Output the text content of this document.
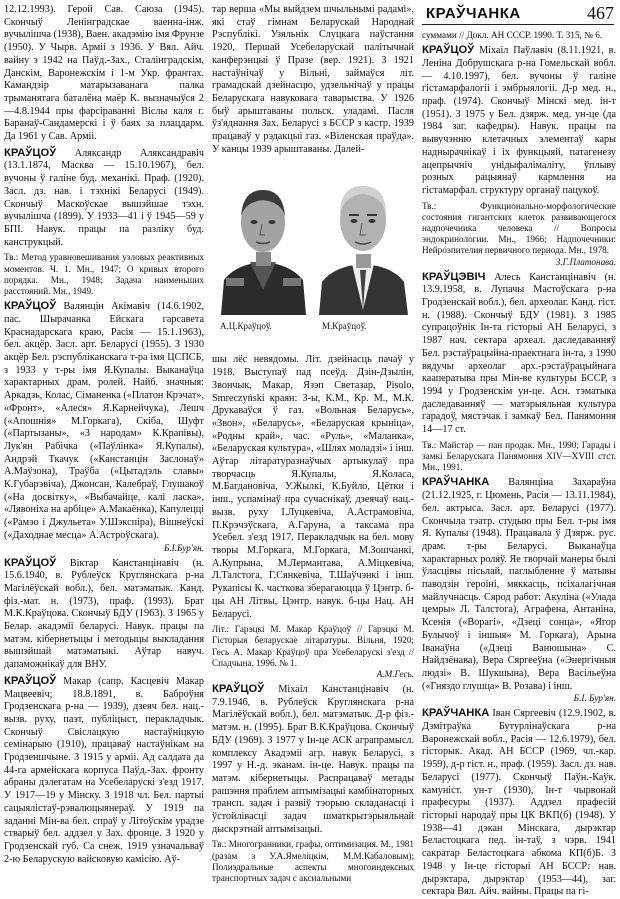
КРАЎЧАНКА	467

12.12.1993). Герой Сав. Саюза (1945). Скончыў Ленінградскае ваенна-інж. вучылішча (1938), Ваен. акадэмію імя Фрунзе (1950). У Чырв. Арміі з 1936. У Вял. Айч. вайну з 1942 на Паўд.-Зах., Сталінградскім, Данскім, Варонежскім і 1-м Укр. франтах. Камандзір матарызаванага палка трыманятага баталёна маёр К. вызначыўся 2—4.8.1944 пры фарсіраванні Віслы каля г. Баранаў-Сандамерскі і ў баях за плацдарм. Да 1961 у Сав. Арміі.

КРАЎЦОЎ Аляксандр Аляксандравіч (13.1.1874, Масква — 15.10.1967), бел. вучоны ў галіне буд. механікі. Праф. (1920). Засл. дз. нав. і тэхнікі Беларусі (1949). Скончыў Маскоўскае вышэйшае тэхн. вучылішча (1899). У 1933—41 і ў 1945—59 у БПІ. Навук. працы па разліку буд. канструкцый.

Тв.: Метод уравновешивания узловых реактивных моментов. Ч. 1. Мн., 1947; О кривых второго порядка. Мн., 1948; Задача наименьших расстояний. Мн., 1949.

КРАЎЦОЎ Валянцін Акімавіч (14.6.1902, пас. Шырачанка Ейскага гарсавета Краснадарскага краю, Расія — 15.1.1963), бел. акцёр. Засл. арт. Беларусі (1955). З 1930 акцёр Бел. рэспубліканскага т-ра імя ЦСПСБ, з 1933 у т-ры імя Я.Купалы. Выканаўца характарных драм. ролей. Найб. значныя: Аркадзь, Колас, Сіманенка («Платон Крэчат», «Фронт», «Алеся» Я.Карнейчука), Лешч («Апошнія» М.Горкага), Скіба, Шуфт («Партызаны», «З народам» К.Крапівы), Лук'ян Рабічка («Паўлінка» Я.Купалы), Андрэй Ткачук («Канстанцін Заслонаў» А.Маўзона), Траўба («Цытадэль славы» К.Губарэвіча), Джонсан, Калебраў, Глушакоў («На досвітку», «Выбачайце, калі ласка», «Лявоніха на арбіце» А.Макаёнка), Капулецці («Рамэо і Джульета» У.Шэкспіра), Вішнеўскі («Даходнае месца» А.Астроўскага).
Б.І.Бур'ян.

КРАЎЦОЎ Віктар Канстанцінавіч (н. 15.6.1940, в. Рублеўск Круглянскага р-на Магілёўскай вобл.), бел. матэматык. Канд. фіз.-мат. н. (1973), праф. (1993). Брат М.К.Краўцова. Скончыў БДУ (1963). З 1965 у Белар. акадэміі беларусі. Навук. працы па матэм. кібернетыцы і методыцы выкладання вышэйшай матэматыкі. Аўтар навуч. дапаможнікаў для ВНУ.

КРАЎЦОЎ Макар (сапр. Касцевіч Макар Мацвеевіч; 18.8.1891, в. Баброўня Гродзенскага р-на — 1939), дзеяч бел. нац.-вызв. руху, паэт, публіцыст, перакладчык. Скончыў Свіслацкую настаўніцкую семінарыю (1910), працаваў настаўнікам на Гродзеншчыне. З 1915 у арміі. Ад салдата да 44-га армейскага корпуса Паўд.-Зах. фронту абраны дэлегатам на Усебеларускі з'езд 1917. У 1917—19 у Мінску. З 1918 чл. Бел. партыі сацыялістаў-рэвалюцыянераў. У 1919 па заданні Мін-ва бел. спраў у Літоўскім урадзе стварыў бел. аддзел у Зах. фронце. З 1920 у Гродзенскай губ. Са снеж. 1919 узначальваў 2-ю Беларускую вайсковую камісію. Аў-

тар верша «Мы выйдзем шчыльнымі радамі», які стаў гімнам Беларускай Народнай Рэспублікі. Узяльнік Слуцкага паўстання 1920, Першай Усебеларускай палітычнай канферэнцыі ў Празе (вер. 1921). З 1921 настаўнічаў у Вільні, займаўся літ. грамадскай дзейнасцю, удзельнічаў у працы Беларускага навуковага таварыства. У 1926 быў арыштаваны польск. уладамі. Пасля ўз'яднання Зах. Беларусі з БССР з кастр. 1939 працаваў у рэдакцыі газ. «Віленская праўда». У канцы 1939 арыштаваны. Далей-

А.Ц.Краўцоў.	М.Краўцоў.

шы лёс невядомы. Літ. дзейнасць пачаў у 1918. Выступаў пад псеўд. Дзін-Дзылін, Звончык, Макар, Язэп Светазар, Pisolo, Smreczyński краян: З-ы, К.М., Кр. М., М.К. Друкаваўся ў газ. «Вольная Беларусь», «Звон», «Беларусь», «Беларуская крыніца», «Родны край», час. «Руль», «Маланка», «Беларуская культура», «Шлях моладзі» і інш. Аўтар літаратуразнаўчых артыкулаў пра творчасць Я.Купалы, Я.Коласа, М.Багдановіча, У.Жылкі, К.Буйло, Цётки і інш., успамінаў пра сучаснікаў, дзеячаў нац.-вызв. руху І.Луцкевіча, А.Астрамовіча, П.Крэчэўскага, А.Гаруна, а таксама пра Усебел. з'езд 1917. Перакладчык на бел. мову творы М.Горкага, М.Горкага, М.Зошчанкі, А.Купрына, М.Лермантава, А.Міцкевіча, Л.Талстога, Г.Сянкевіча, Т.Шаўчэнкі і інш. Рукапісы К. часткова зберагаюцца ў Цэнтр. б-цы АН Літвы, Цэнтр. навук. б-цы Нац. АН Беларусі.

Літ.: Гарэцкі М. Макар Краўцоў // Гарэцкі М. Гісторыя беларускае літаратуры. Вільня, 1920; Гесь А. Макар Краўцоў пра Усебеларускі з'езд // Спадчына. 1996. № 1.
А.М.Гесь.

КРАЎЦОЎ Міхаіл Канстанцінавіч (н. 7.9.1946, в. Рублеўск Круглянскага р-на Магілёўскай вобл.), бел. матэматык. Д-р фіз.-матэм. н. (1995). Брат В.К.Краўцова. Скончыў БДУ (1969). З 1977 у Ін-це АСК аграпрамысл. комплексу Акадэміі агр. навук Беларусі, з 1997 у Н.-д. эканам. ін-це. Навук. працы па матэм. кібернетыцы. Распрацаваў метады рашэння праблем аптымізацыі камбінаторных трансп. задач і развіў тэорыю складанасці і ўстойлівасці задач шматкрытэрыяльнай дыскрэтнай аптымізацыі.

Тв.: Многогранники, графы, оптимизация. М., 1981 (разам з У.А.Ямеліцкім, М.М.Кабаловым); Полиэдральные аспекты многоиндексных транспортных задач с аксиальными

суммами // Докл. АН СССР. 1990. Т. 315, № 6.

КРАЎЦОЎ Міхаіл Паўлавіч (8.11.1921, в. Леніна Добрушскага р-на Гомельскай вобл. — 4.10.1997), бел. вучоны ў галіне гістамарфалогіі і эмбрыялогіі. Д-р мед. н., праф. (1974). Скончыў Мінскі мед. ін-т (1951). З 1975 у Бел. дзярж. мед. ун-це (да 1984 заг. кафедры). Навук. працы па вывучэнню клетачных элементаў кары наднырачнікаў і іх функцыяй, патагенезу ацепрычніч унідыфалімаліту, ўплыву розных рацыянаў кармлення на гістамарфал. структуру органаў пацукоў.

Тв.: Функционально-морфологические состояния гигантских клеток развивающегося надпочечника человека // Вопросы эндокринологии. Мн., 1966; Надпочечники: Нейроэпителия первичного периода. Мн., 1978.
З.Г.Платонава.

КРАЎЦЭВІЧ Алесь Канстанцінавіч (н. 13.9.1958, в. Лупачы Мастоўскага р-на Гродзенскай вобл.), бел. археолаг. Канд. гіст. н. (1988). Скончыў БДУ (1981). З 1985 супрацоўнік Ін-та гісторыі АН Беларусі, з 1987 нач. сектара археал. даследаванняў Бел. рэстаўрацыйна-праектнага ін-та, з 1990 вядучы археолаг арх.-рэстаўрацыйнага кааператыва пры Мін-ве культуры БССР, з 1994 у Гродзенскім ун-це. Асн. тэматыка даследаванняў — матэрыяльная культура гарадоў, мястэчак і замкаў Бел. Панямоння 14—17 ст.

Тв.: Майстар — пан продак. Мн., 1990; Гарады і замкі Беларускага Панямоння XIV—XVIII стст. Мн., 1991.

КРАЎЧАНКА Валянціна Захараўна (21.12.1925, г. Цюмень, Расія — 13.11.1984), бел. актрыса. Засл. арт. Беларусі (1977). Скончыла тэатр. студыю пры Бел. т-ры імя Я. Купалы (1948). Працавала ў Дзярж. рус. драм. т-ры Беларусі. Выканаўца характарных роляў. Яе творчай манеры былі ўласцівы пісьлай, паглыбленне ў матывы паводзін героіні, мяккасць, псіхалагічная майлучнасць. Сярод работ: Акуліна («Улада цемры» Л. Талстога), Аграфена, Антаніна, Ксенія («Ворагі», «Дзеці сонца», «Ягор Булычоў і іншыя» М. Горкага), Арына Іванаўна («Дзеці Ванюшына» С. Найдзёнава), Вера Сяргееўна («Энергічныя людзі» В. Шукшына), Вера Васільеўна («Гняздо глушца» В. Розава) і інш.
Б.І. Бур'ян.

КРАЎЧАНКА Іван Сяргеевіч (12.9.1902, в. Дзмітраўка Бутурлінаўскага р-на Варонежскай вобл., Расія — 12.6.1979), бел. гісторык. Акад. АН БССР (1969, чл.-кар. 1959), д-р гіст. н., праф. (1959). Засл. дз. нав. Беларусі (1977). Скончыў Паўн.-Каўк. камуніст. ун-т (1930), Ін-т чырвонай прафесуры (1937). Аддзел прафесій гісторыі народаў пры ЦК ВКП(б) (1948). У 1938—41 дэкан Мінскага, дырэктар Беластоцкага пед. ін-таў, з чэрв. 1941 сакратар Беластоцкага абкома КП(б)Б. З 1948 у Ін-це гісторыі АН БССР: нав. дырэктара, дырэктар (1953—44), заг. сектара Вял. Айч. вайны. Працы па гі-
